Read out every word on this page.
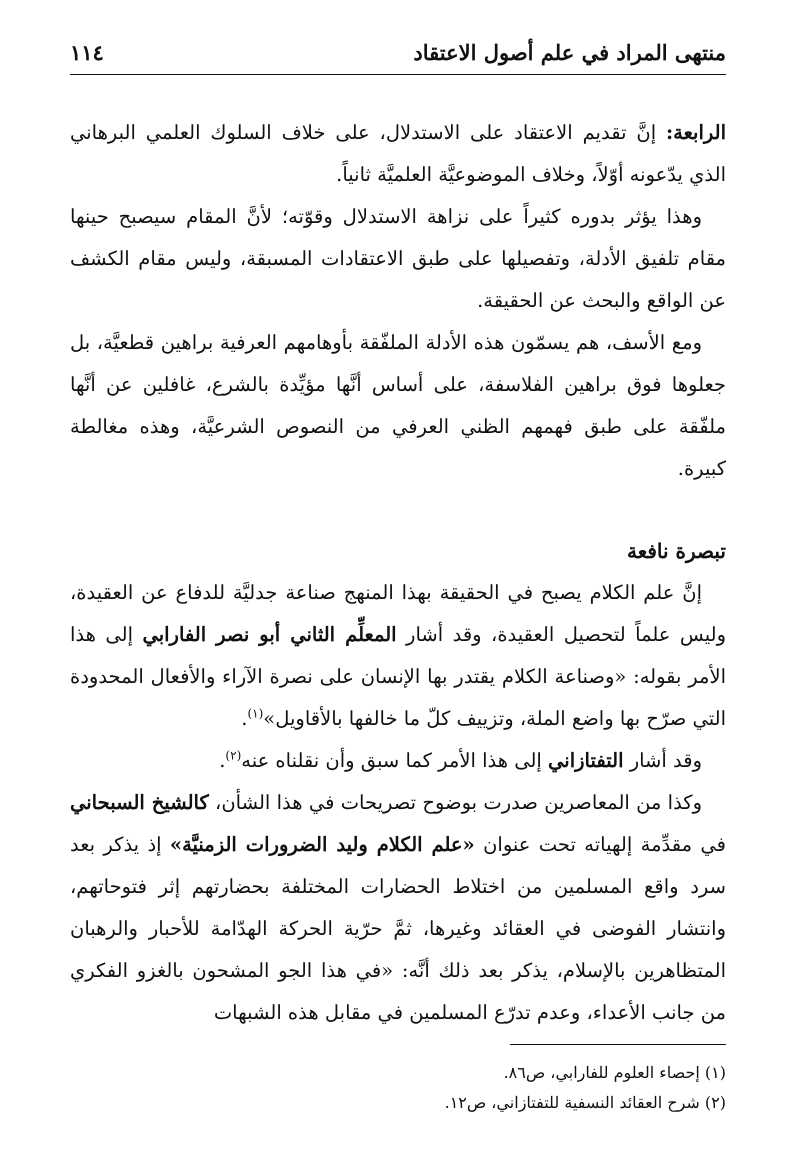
منتهى المراد في علم أصول الاعتقاد
١١٤

الرابعة: إنَّ تقديم الاعتقاد على الاستدلال، على خلاف السلوك العلمي البرهاني الذي يدّعونه أوّلاً، وخلاف الموضوعيَّة العلميَّة ثانياً.

وهذا يؤثر بدوره كثيراً على نزاهة الاستدلال وقوّته؛ لأنَّ المقام سيصبح حينها مقام تلفيق الأدلة، وتفصيلها على طبق الاعتقادات المسبقة، وليس مقام الكشف عن الواقع والبحث عن الحقيقة.

ومع الأسف، هم يسمّون هذه الأدلة الملفّقة بأوهامهم العرفية براهين قطعيَّة، بل جعلوها فوق براهين الفلاسفة، على أساس أنَّها مؤيِّدة بالشرع، غافلين عن أنَّها ملفّقة على طبق فهمهم الظني العرفي من النصوص الشرعيَّة، وهذه مغالطة كبيرة.

تبصرة نافعة

إنَّ علم الكلام يصبح في الحقيقة بهذا المنهج صناعة جدليَّة للدفاع عن العقيدة، وليس علماً لتحصيل العقيدة، وقد أشار المعلِّم الثاني أبو نصر الفارابي إلى هذا الأمر بقوله: «وصناعة الكلام يقتدر بها الإنسان على نصرة الآراء والأفعال المحدودة التي صرّح بها واضع الملة، وتزييف كلّ ما خالفها بالأقاويل»$^{(١)}$.

وقد أشار التفتازاني إلى هذا الأمر كما سبق وأن نقلناه عنه$^{(٢)}$.

وكذا من المعاصرين صدرت بوضوح تصريحات في هذا الشأن، كالشيخ السبحاني في مقدِّمة إلهياته تحت عنوان «علم الكلام وليد الضرورات الزمنيَّة» إذ يذكر بعد سرد واقع المسلمين من اختلاط الحضارات المختلفة بحضارتهم إثر فتوحاتهم، وانتشار الفوضى في العقائد وغيرها، ثمَّ حرّية الحركة الهدّامة للأحبار والرهبان المتظاهرين بالإسلام، يذكر بعد ذلك أنَّه: «في هذا الجو المشحون بالغزو الفكري من جانب الأعداء، وعدم تدرّع المسلمين في مقابل هذه الشبهات

(١) إحصاء العلوم للفارابي، ص٨٦.
(٢) شرح العقائد النسفية للتفتازاني، ص١٢.
